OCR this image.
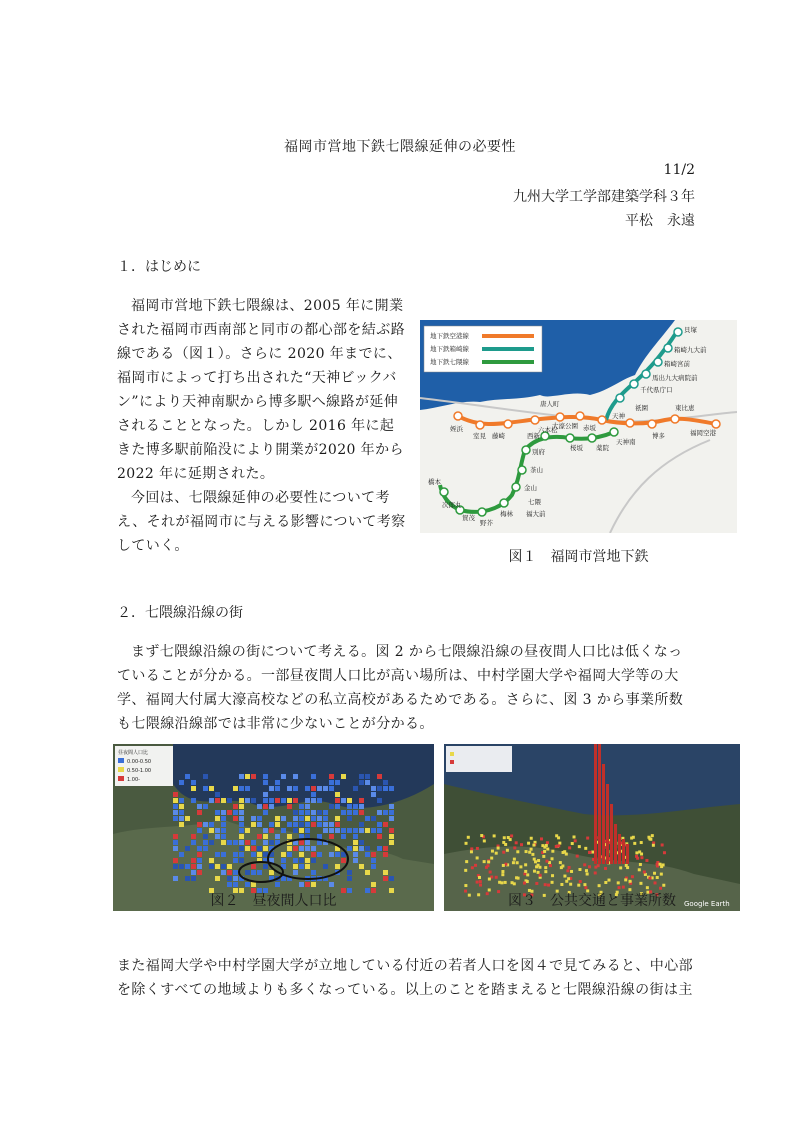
福岡市営地下鉄七隈線延伸の必要性
11/2
九州大学工学部建築学科３年
平松　永遠
１．はじめに
福岡市営地下鉄七隈線は、2005 年に開業された福岡市西南部と同市の都心部を結ぶ路線である（図１）。さらに 2020 年までに、福岡市によって打ち出された“天神ビックバン”により天神南駅から博多駅へ線路が延伸されることとなった。しかし 2016 年に起きた博多駅前陥没により開業が2020 年から 2022 年に延期された。
今回は、七隈線延伸の必要性について考え、それが福岡市に与える影響について考察していく。
地下鉄空港線
地下鉄箱崎線
地下鉄七隈線
姪浜
室見 藤崎	西新
唐人町
大濠公園 赤坂
天神
祇園
博多
東比恵
福岡空港
貝塚
箱崎九大前
箱崎宮前
馬出九大病院前
千代県庁口
天神南
薬院
桜坂
六本松
別府
茶山
金山
七隈
福大前
梅林
野芥
賀茂
次郎丸
橋本
図１　福岡市営地下鉄
２．七隈線沿線の街
まず七隈線沿線の街について考える。図 2 から七隈線沿線の昼夜間人口比は低くなっていることが分かる。一部昼夜間人口比が高い場所は、中村学園大学や福岡大学等の大学、福岡大付属大濠高校などの私立高校があるためである。さらに、図 3 から事業所数も七隈線沿線部では非常に少ないことが分かる。
昼夜間人口比
0.00-0.50
0.50-1.00
1.00-
図２　昼夜間人口比	Google Earth
図３　公共交通と事業所数
また福岡大学や中村学園大学が立地している付近の若者人口を図４で見てみると、中心部を除くすべての地域よりも多くなっている。以上のことを踏まえると七隈線沿線の街は主
